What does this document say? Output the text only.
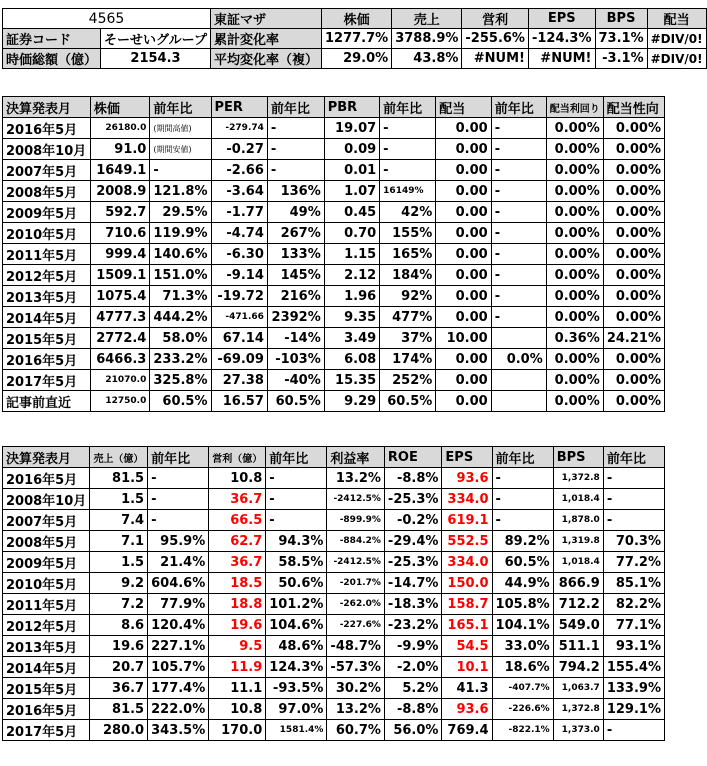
4565		東証マザ	株価	売上	営利	EPS	BPS	配当
証券コード	そーせいグループ	累計変化率	1277.7%	3788.9%	-255.6%	-124.3%	73.1%	#DIV/0!
時価総額（億）	2154.3	平均変化率（複）	29.0%	43.8%	#NUM!	#NUM!	-3.1%	#DIV/0!
決算発表月	株価	前年比	PER	前年比	PBR	前年比	配当	前年比	配当利回り	配当性向
2016年5月	26180.0	(期間高値)	-279.74	-	19.07	-	0.00	-	0.00%	0.00%
2008年10月	91.0	(期間安値)	-0.27	-	0.09	-	0.00	-	0.00%	0.00%
2007年5月	1649.1	-	-2.66	-	0.01	-	0.00	-	0.00%	0.00%
2008年5月	2008.9	121.8%	-3.64	136%	1.07	16149%	0.00	-	0.00%	0.00%
2009年5月	592.7	29.5%	-1.77	49%	0.45	42%	0.00	-	0.00%	0.00%
2010年5月	710.6	119.9%	-4.74	267%	0.70	155%	0.00	-	0.00%	0.00%
2011年5月	999.4	140.6%	-6.30	133%	1.15	165%	0.00	-	0.00%	0.00%
2012年5月	1509.1	151.0%	-9.14	145%	2.12	184%	0.00	-	0.00%	0.00%
2013年5月	1075.4	71.3%	-19.72	216%	1.96	92%	0.00	-	0.00%	0.00%
2014年5月	4777.3	444.2%	-471.66	2392%	9.35	477%	0.00	-	0.00%	0.00%
2015年5月	2772.4	58.0%	67.14	-14%	3.49	37%	10.00		0.36%	24.21%
2016年5月	6466.3	233.2%	-69.09	-103%	6.08	174%	0.00	0.0%	0.00%	0.00%
2017年5月	21070.0	325.8%	27.38	-40%	15.35	252%	0.00		0.00%	0.00%
記事前直近	12750.0	60.5%	16.57	60.5%	9.29	60.5%	0.00		0.00%	0.00%
決算発表月	売上（億）	前年比	営利（億）	前年比	利益率	ROE	EPS	前年比	BPS	前年比
2016年5月	81.5	-	10.8	-	13.2%	-8.8%	93.6	-	1,372.8	-
2008年10月	1.5	-	36.7	-	-2412.5%	-25.3%	334.0	-	1,018.4	-
2007年5月	7.4	-	66.5	-	-899.9%	-0.2%	619.1	-	1,878.0	-
2008年5月	7.1	95.9%	62.7	94.3%	-884.2%	-29.4%	552.5	89.2%	1,319.8	70.3%
2009年5月	1.5	21.4%	36.7	58.5%	-2412.5%	-25.3%	334.0	60.5%	1,018.4	77.2%
2010年5月	9.2	604.6%	18.5	50.6%	-201.7%	-14.7%	150.0	44.9%	866.9	85.1%
2011年5月	7.2	77.9%	18.8	101.2%	-262.0%	-18.3%	158.7	105.8%	712.2	82.2%
2012年5月	8.6	120.4%	19.6	104.6%	-227.6%	-23.2%	165.1	104.1%	549.0	77.1%
2013年5月	19.6	227.1%	9.5	48.6%	-48.7%	-9.9%	54.5	33.0%	511.1	93.1%
2014年5月	20.7	105.7%	11.9	124.3%	-57.3%	-2.0%	10.1	18.6%	794.2	155.4%
2015年5月	36.7	177.4%	11.1	-93.5%	30.2%	5.2%	41.3	-407.7%	1,063.7	133.9%
2016年5月	81.5	222.0%	10.8	97.0%	13.2%	-8.8%	93.6	-226.6%	1,372.8	129.1%
2017年5月	280.0	343.5%	170.0	1581.4%	60.7%	56.0%	769.4	-822.1%	1,373.0	-
